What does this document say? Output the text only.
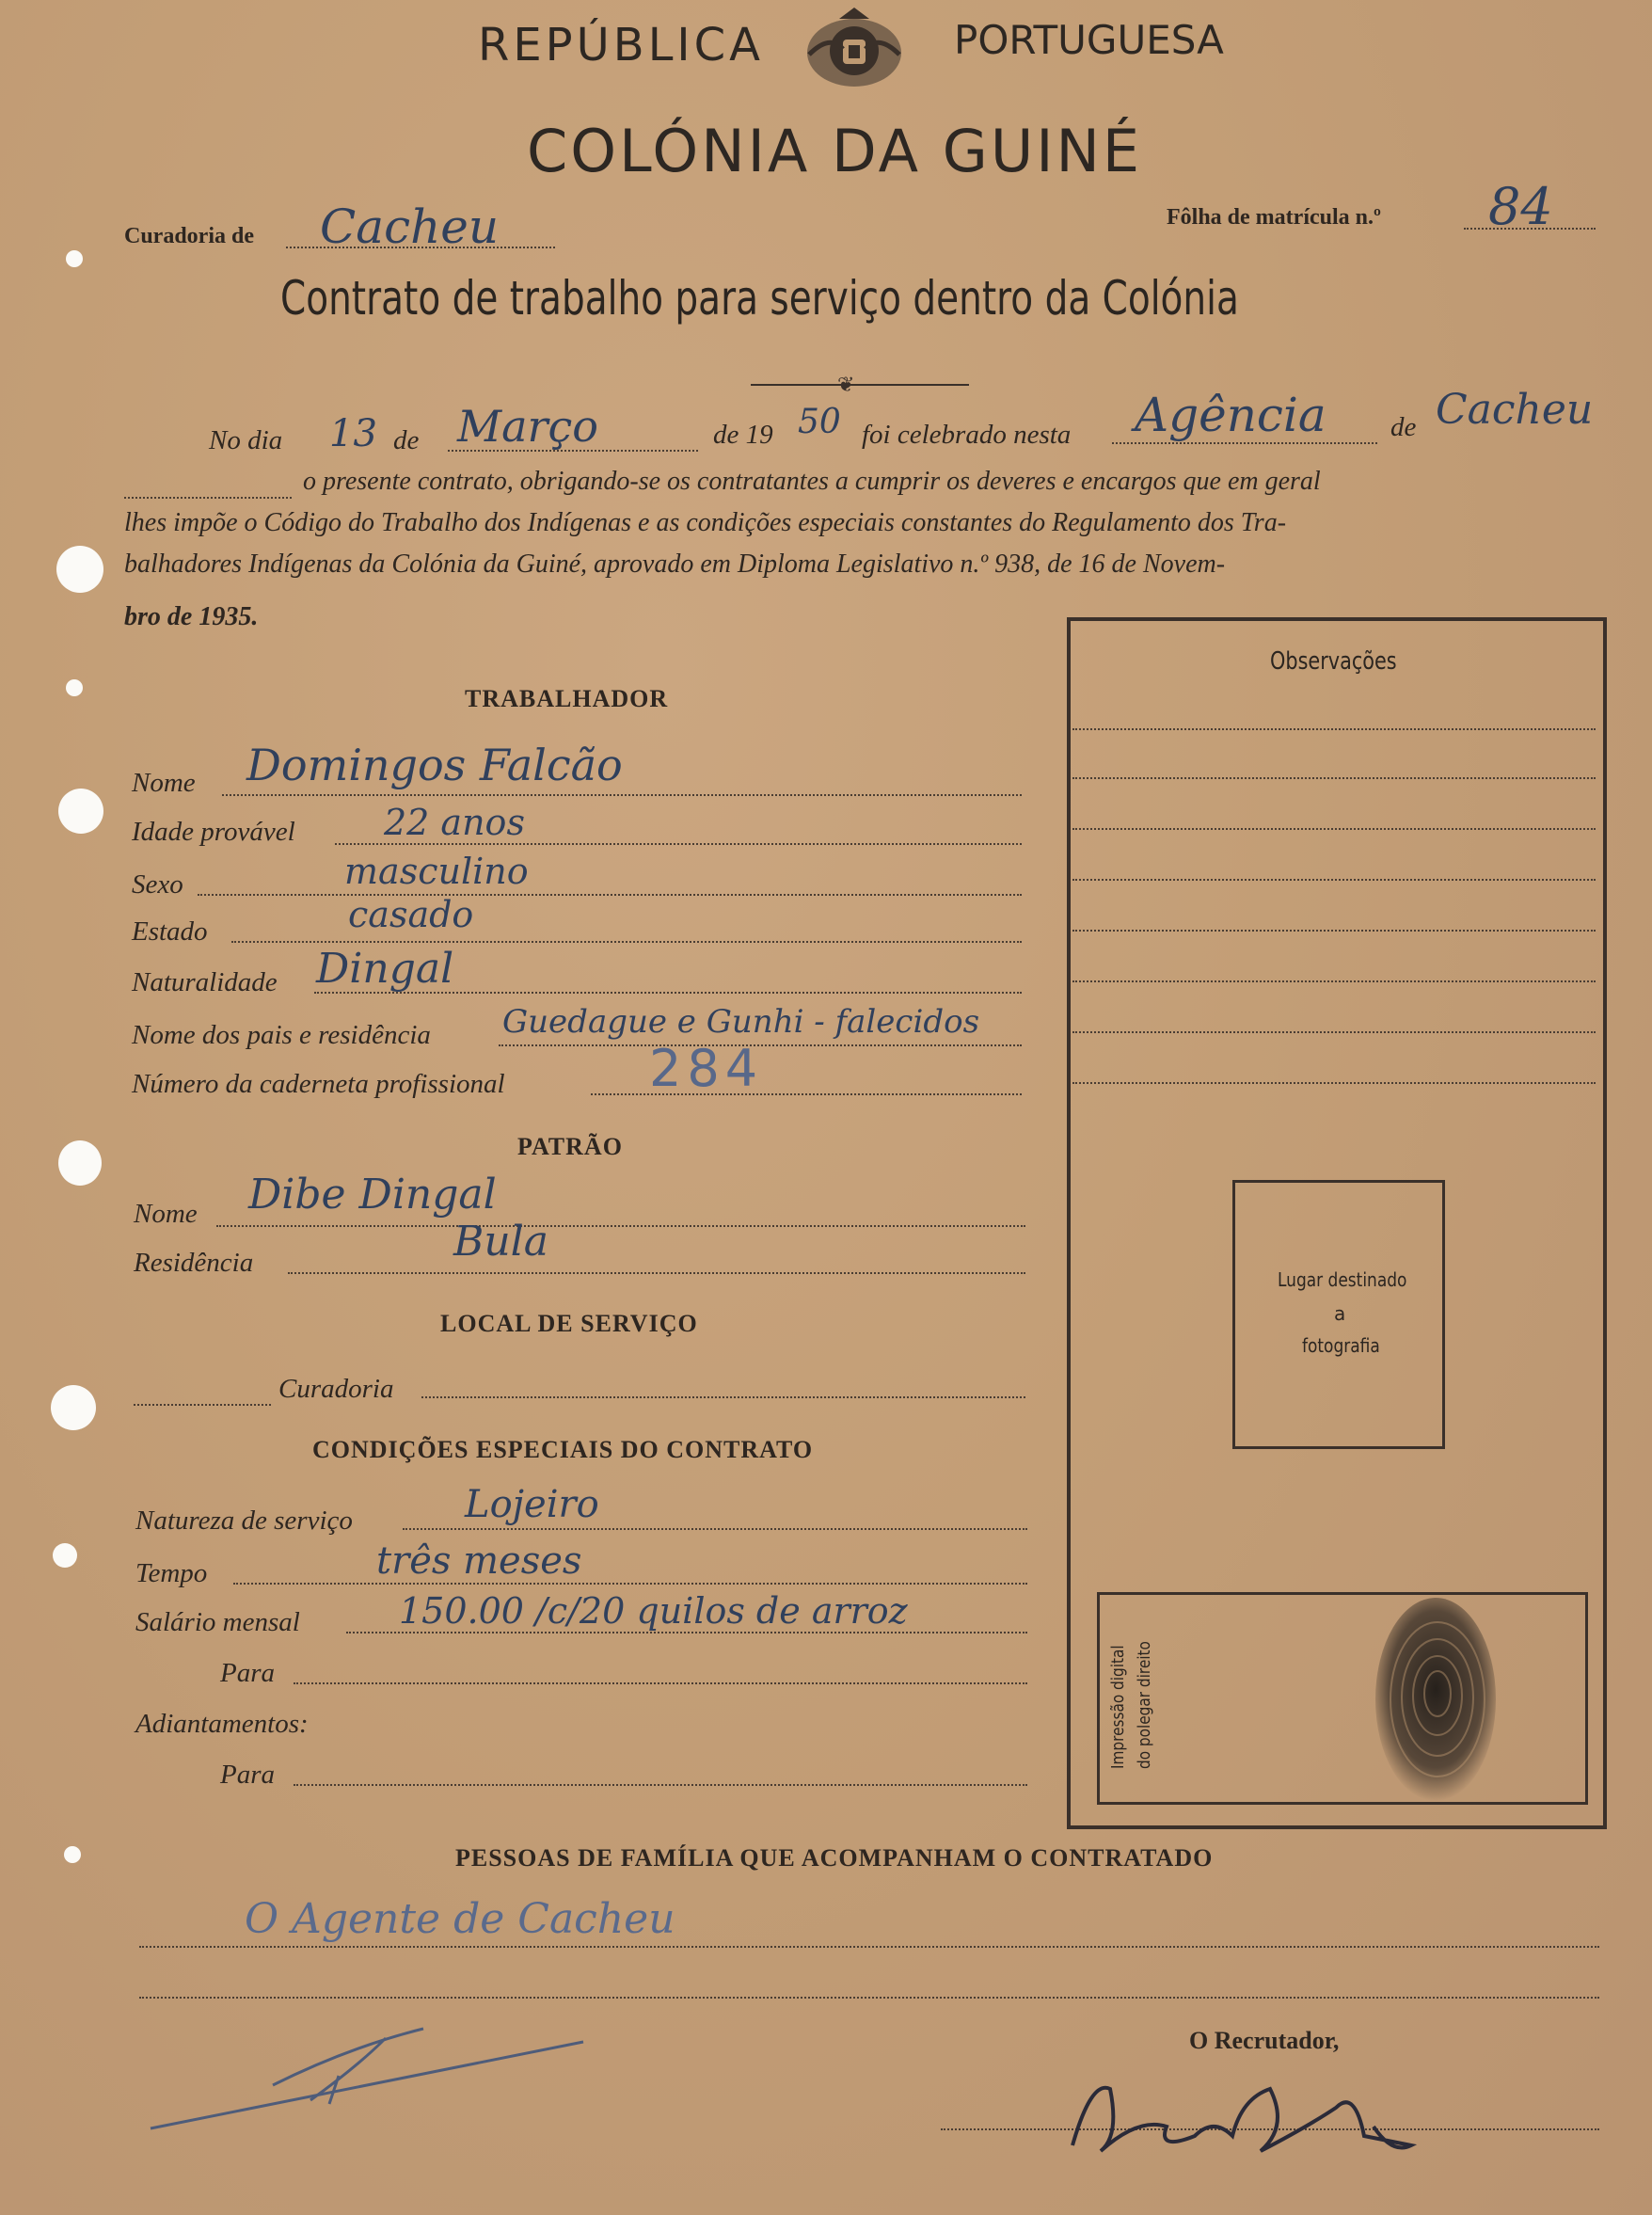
REPÚBLICA	PORTUGUESA
COLÓNIA DA GUINÉ
Curadoria de Cacheu	Fôlha de matrícula n.º 84
Contrato de trabalho para serviço dentro da Colónia
❦
No dia 13 de Março	de 19 50 foi celebrado nesta Agência de Cacheu
o presente contrato, obrigando-se os contratantes a cumprir os deveres e encargos que em geral
lhes impõe o Código do Trabalho dos Indígenas e as condições especiais constantes do Regulamento dos Tra-
balhadores Indígenas da Colónia da Guiné, aprovado em Diploma Legislativo n.º 938, de 16 de Novem-
bro de 1935.
TRABALHADOR
Nome Domingos Falcão
Idade provável 22 anos
Sexo	masculino
Estado	casado
Naturalidade Dingal
Nome dos pais e residência Guedague e Gunhi - falecidos
Número da caderneta profissional	284
PATRÃO
Nome Dibe Dingal
Residência	Bula
LOCAL DE SERVIÇO
Curadoria
CONDIÇÕES ESPECIAIS DO CONTRATO
Natureza de serviço	Lojeiro
Tempo	três meses
Salário mensal	150.00 /c/20 quilos de arroz
Para
Adiantamentos:
Para
Observações
Lugar destinado
a
fotografia
Impressão digital do polegar direito
PESSOAS DE FAMÍLIA QUE ACOMPANHAM O CONTRATADO
O Agente de Cacheu
O Recrutador,
